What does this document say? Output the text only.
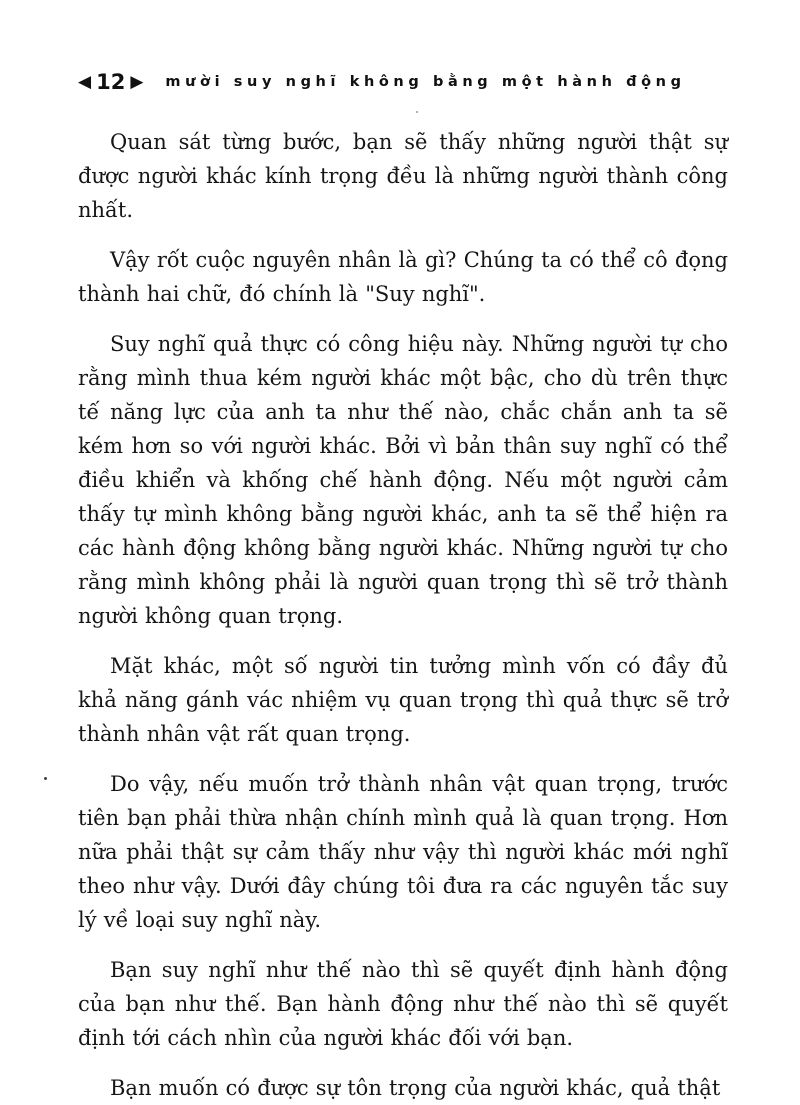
◀ 12 ▶ mười suy nghĩ không bằng một hành động

Quan sát từng bước, bạn sẽ thấy những người thật sự được người khác kính trọng đều là những người thành công nhất.

Vậy rốt cuộc nguyên nhân là gì? Chúng ta có thể cô đọng thành hai chữ, đó chính là "Suy nghĩ".

Suy nghĩ quả thực có công hiệu này. Những người tự cho rằng mình thua kém người khác một bậc, cho dù trên thực tế năng lực của anh ta như thế nào, chắc chắn anh ta sẽ kém hơn so với người khác. Bởi vì bản thân suy nghĩ có thể điều khiển và khống chế hành động. Nếu một người cảm thấy tự mình không bằng người khác, anh ta sẽ thể hiện ra các hành động không bằng người khác. Những người tự cho rằng mình không phải là người quan trọng thì sẽ trở thành người không quan trọng.

Mặt khác, một số người tin tưởng mình vốn có đầy đủ khả năng gánh vác nhiệm vụ quan trọng thì quả thực sẽ trở thành nhân vật rất quan trọng.

Do vậy, nếu muốn trở thành nhân vật quan trọng, trước tiên bạn phải thừa nhận chính mình quả là quan trọng. Hơn nữa phải thật sự cảm thấy như vậy thì người khác mới nghĩ theo như vậy. Dưới đây chúng tôi đưa ra các nguyên tắc suy lý về loại suy nghĩ này.

Bạn suy nghĩ như thế nào thì sẽ quyết định hành động của bạn như thế. Bạn hành động như thế nào thì sẽ quyết định tới cách nhìn của người khác đối với bạn.

Bạn muốn có được sự tôn trọng của người khác, quả thật
